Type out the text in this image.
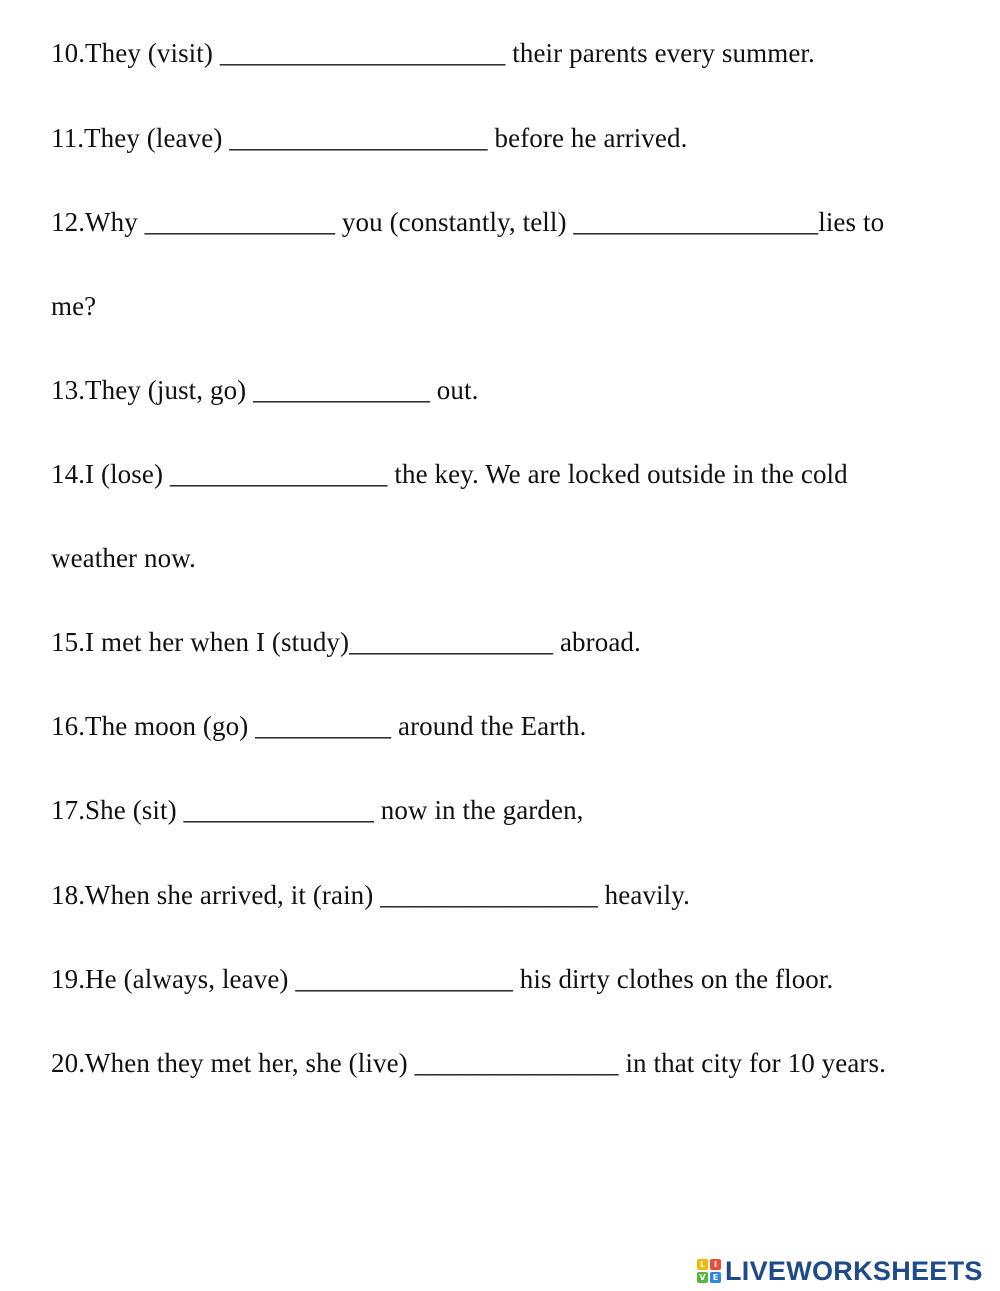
10.They (visit) _____________________ their parents every summer.
11.They (leave) ___________________ before he arrived.
12.Why ______________ you (constantly, tell) __________________lies to
me?
13.They (just, go) _____________ out.
14.I (lose) ________________ the key. We are locked outside in the cold
weather now.
15.I met her when I (study)_______________ abroad.
16.The moon (go) __________ around the Earth.
17.She (sit) ______________ now in the garden,
18.When she arrived, it (rain) ________________ heavily.
19.He (always, leave) ________________ his dirty clothes on the floor.
20.When they met her, she (live) _______________ in that city for 10 years.
L	I
V E LIVEWORKSHEETS
